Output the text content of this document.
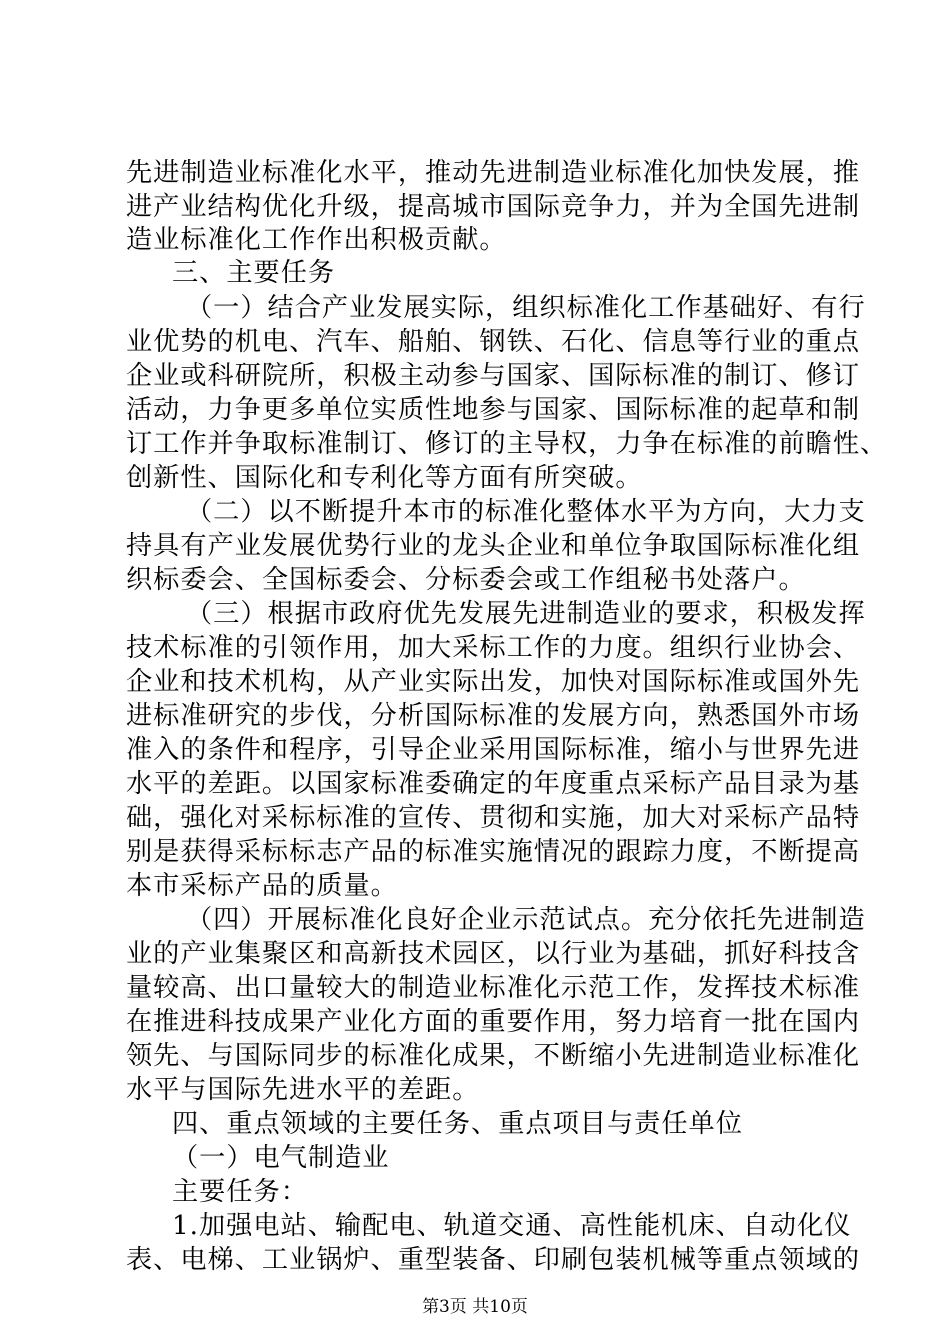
先进制造业标准化水平，推动先进制造业标准化加快发展，推
进产业结构优化升级，提高城市国际竞争力，并为全国先进制
造业标准化工作作出积极贡献。
三、主要任务
（一）结合产业发展实际，组织标准化工作基础好、有行
业优势的机电、汽车、船舶、钢铁、石化、信息等行业的重点
企业或科研院所，积极主动参与国家、国际标准的制订、修订
活动，力争更多单位实质性地参与国家、国际标准的起草和制
订工作并争取标准制订、修订的主导权，力争在标准的前瞻性、
创新性、国际化和专利化等方面有所突破。
（二）以不断提升本市的标准化整体水平为方向，大力支
持具有产业发展优势行业的龙头企业和单位争取国际标准化组
织标委会、全国标委会、分标委会或工作组秘书处落户。
（三）根据市政府优先发展先进制造业的要求，积极发挥
技术标准的引领作用，加大采标工作的力度。组织行业协会、
企业和技术机构，从产业实际出发，加快对国际标准或国外先
进标准研究的步伐，分析国际标准的发展方向，熟悉国外市场
准入的条件和程序，引导企业采用国际标准，缩小与世界先进
水平的差距。以国家标准委确定的年度重点采标产品目录为基
础，强化对采标标准的宣传、贯彻和实施，加大对采标产品特
别是获得采标标志产品的标准实施情况的跟踪力度，不断提高
本市采标产品的质量。
（四）开展标准化良好企业示范试点。充分依托先进制造
业的产业集聚区和高新技术园区，以行业为基础，抓好科技含
量较高、出口量较大的制造业标准化示范工作，发挥技术标准
在推进科技成果产业化方面的重要作用，努力培育一批在国内
领先、与国际同步的标准化成果，不断缩小先进制造业标准化
水平与国际先进水平的差距。
四、重点领域的主要任务、重点项目与责任单位
（一）电气制造业
主要任务：
1.加强电站、输配电、轨道交通、高性能机床、自动化仪
表、电梯、工业锅炉、重型装备、印刷包装机械等重点领域的
第3页 共10页
